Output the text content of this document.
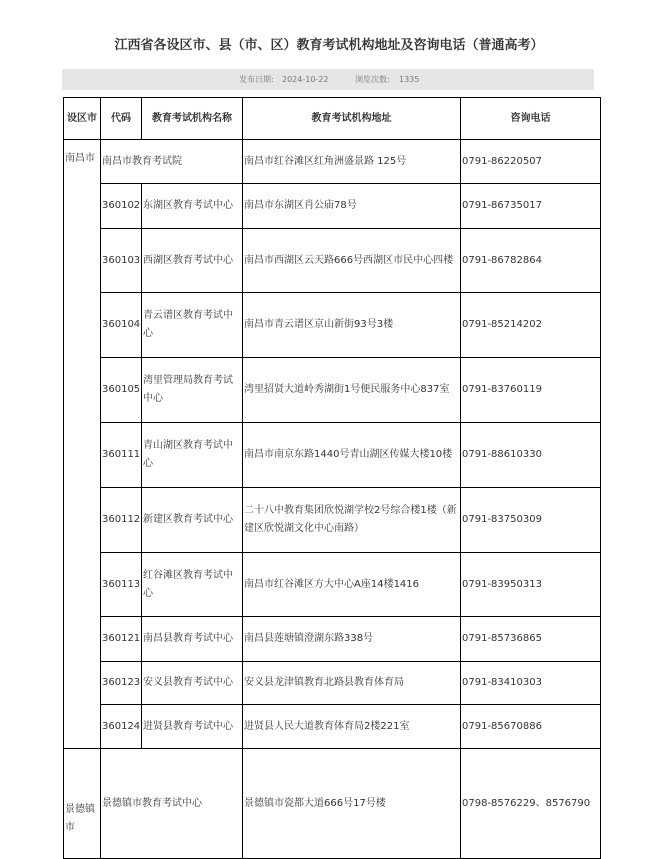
江西省各设区市、县（市、区）教育考试机构地址及咨询电话（普通高考）
发布日期: 2024-10-22	浏览次数: 1335
设区市	代码	教育考试机构名称	教育考试机构地址	咨询电话
南昌市	南昌市教育考试院		南昌市红谷滩区红角洲盛景路 125号	0791-86220507
	360102	东湖区教育考试中心	南昌市东湖区肖公庙78号	0791-86735017
	360103	西湖区教育考试中心	南昌市西湖区云天路666号西湖区市民中心四楼	0791-86782864
	360104	青云谱区教育考试中心	南昌市青云谱区京山新街93号3楼	0791-85214202
	360105	湾里管理局教育考试中心	湾里招贤大道岭秀湖街1号便民服务中心837室	0791-83760119
	360111	青山湖区教育考试中心	南昌市南京东路1440号青山湖区传媒大楼10楼	0791-88610330
	360112	新建区教育考试中心	二十八中教育集团欣悦湖学校2号综合楼1楼（新建区欣悦湖文化中心南路）	0791-83750309
	360113	红谷滩区教育考试中心	南昌市红谷滩区方大中心A座14楼1416	0791-83950313
	360121	南昌县教育考试中心	南昌县莲塘镇澄湖东路338号	0791-85736865
	360123	安义县教育考试中心	安义县龙津镇教育北路县教育体育局	0791-83410303
	360124	进贤县教育考试中心	进贤县人民大道教育体育局2楼221室	0791-85670886
景德镇市	景德镇市教育考试中心		景德镇市瓷都大道666号17号楼	0798-8576229、8576790
